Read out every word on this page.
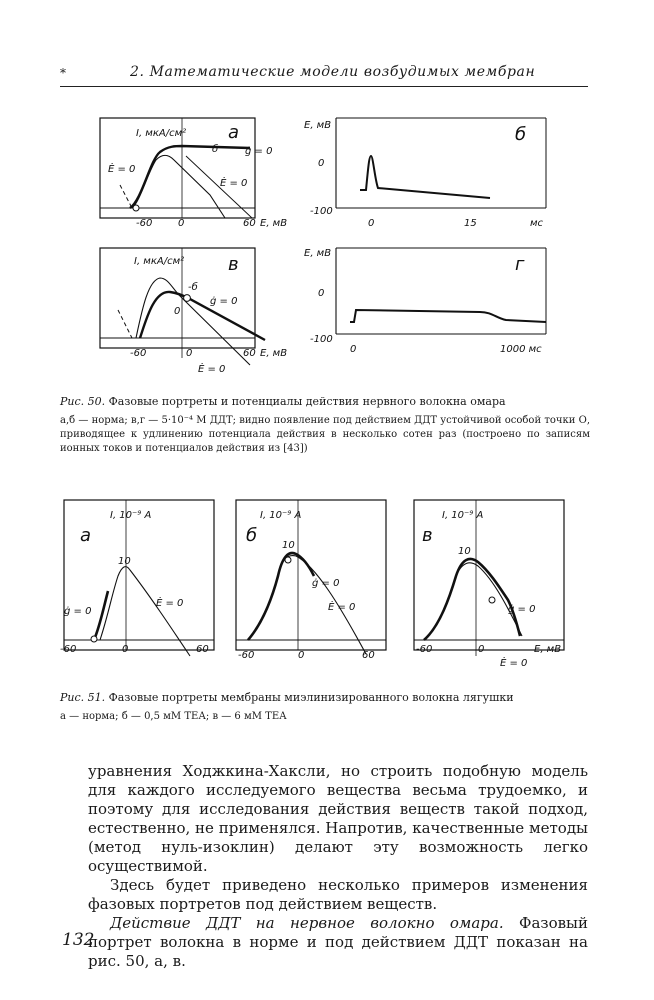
*	2. Математические модели возбудимых мембран
I, мкА/см² а
б	ġ = 0
Ė = 0
Ė = 0
-60	0	60 E, мВ
E, мВ	б
0
-100
0	15	мс
I, мкА/см² в
0
-б
ġ = 0
Ė = 0
-60	0	60 E, мВ
E, мВ
г
0
-100
0	1000 мс
Рис. 50. Фазовые портреты и потенциалы действия нервного волокна омара
а,б — норма; в,г — 5·10⁻⁴ М ДДТ; видно появление под действием ДДТ устойчивой особой точки О, приводящее к удлинению потенциала действия в несколько сотен раз (построено по записям ионных токов и потенциалов действия из [43])
I, 10⁻⁹ A
а
10
ġ = 0
Ė = 0
-60	0	60
I, 10⁻⁹ A
б 10
ġ = 0
Ė = 0
-60	0	60
I, 10⁻⁹ A
в
10
ġ = 0
Ė = 0
-60	0	E, мВ
Рис. 51. Фазовые портреты мембраны миэлинизированного волокна лягушки
а — норма; б — 0,5 мМ ТЕА; в — 6 мМ ТЕА

уравнения Ходжкина-Хаксли, но строить подобную модель для каждого исследуемого вещества весьма трудоемко, и поэтому для исследования действия веществ такой подход, естественно, не применялся. Напротив, качественные методы (метод нуль-изоклин) делают эту возможность легко осуществимой.

Здесь будет приведено несколько примеров изменения фазовых портретов под действием веществ.

Действие ДДТ на нервное волокно омара. Фазовый портрет волокна в норме и под действием ДДТ показан на рис. 50, а, в.

132
